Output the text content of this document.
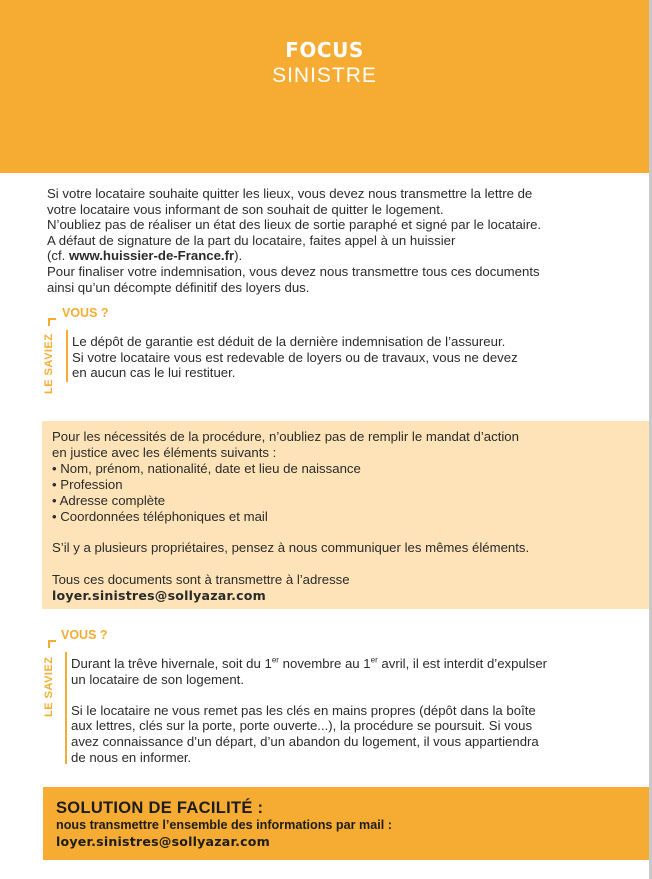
FOCUS
SINISTRE

Si votre locataire souhaite quitter les lieux, vous devez nous transmettre la lettre de

votre locataire vous informant de son souhait de quitter le logement.

N’oubliez pas de réaliser un état des lieux de sortie paraphé et signé par le locataire.

A défaut de signature de la part du locataire, faites appel à un huissier

(cf. www.huissier-de-France.fr).

Pour finaliser votre indemnisation, vous devez nous transmettre tous ces documents

ainsi qu’un décompte définitif des loyers dus.

LE SAVIEZ
VOUS ?

Le dépôt de garantie est déduit de la dernière indemnisation de l’assureur.

Si votre locataire vous est redevable de loyers ou de travaux, vous ne devez

en aucun cas le lui restituer.

Pour les nécessités de la procédure, n’oubliez pas de remplir le mandat d’action

en justice avec les éléments suivants :

• Nom, prénom, nationalité, date et lieu de naissance
• Profession
• Adresse complète
• Coordonnées téléphoniques et mail

S’il y a plusieurs propriétaires, pensez à nous communiquer les mêmes éléments.

Tous ces documents sont à transmettre à l’adresse

loyer.sinistres@sollyazar.com

LE SAVIEZ
VOUS ?

Durant la trêve hivernale, soit du 1er novembre au 1er avril, il est interdit d’expulser

un locataire de son logement.

Si le locataire ne vous remet pas les clés en mains propres (dépôt dans la boîte

aux lettres, clés sur la porte, porte ouverte...), la procédure se poursuit. Si vous

avez connaissance d’un départ, d’un abandon du logement, il vous appartiendra

de nous en informer.

SOLUTION DE FACILITÉ :
nous transmettre l’ensemble des informations par mail :
loyer.sinistres@sollyazar.com
